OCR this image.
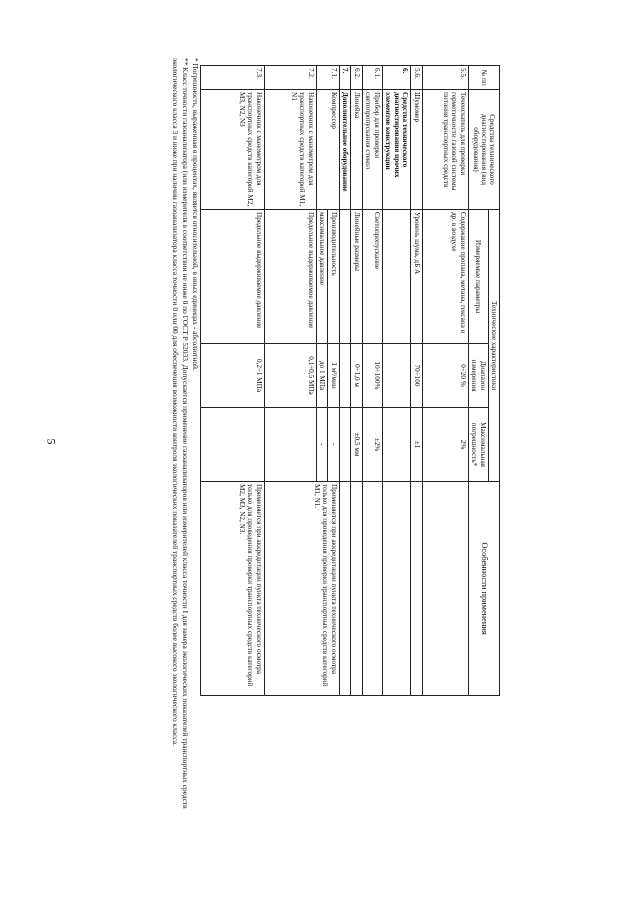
5
№ пп	Средства технического диагностирования (вид оборудования)	Технические характеристики			Особенности применения
		Измеряемые параметры	Диапазон измерения	Максимальная погрешность*	
5.5.	Течеискатель для проверки герметичности газовой системы питания транспортных средств	Содержание пропана, метана, гексана и др. в воздухе	0÷20 %	2%	
5.6.	Шумомер	Уровень шума, дБ А	70÷100	±1	
6.	Средства технического диагностирования прочих элементов конструкции				
6.1.	Прибор для проверки светопропускания стекол	Светопропускание	10÷100%	±2%	
6.2.	Линейка	Линейные размеры	0÷1,0 м	±0,5 мм	
7.	Дополнительное оборудование				
7.1.	Компрессор	Производительность	1 м³/мин	-	Применяется при аккредитации пункта технического осмотра только для проведения проверки транспортных средств категорий М1, N1.
		максимальное давление	до 1 МПа	-	
7.2.	Наконечник с манометром для транспортных средств категорий М1, N1	Предельное выдерживаемое давление	0,1÷0,5 МПа		
7.3.	Наконечник с манометром для транспортных средств категорий М2, М3, N2, N3	Предельное выдерживаемое давление	0,2÷1 МПа		Применяется при аккредитации пункта технического осмотра только для проведения проверки транспортных средств категорий М2, М3, N2, N3.
* Погрешность, выраженная в процентах, является относительной, в иных единицах - абсолютной.
** Класс точности газоанализатора (или измерителя в соответствии не ниже 0 по ГОСТ Р 52033. Допускается применение газоанализаторов или измерителей класса точности I для замера экологических показателей транспортных средств экологического класса 3 и ниже при наличии газоанализатора класса точности 0 или 00 для обеспечения возможности контроля экологических показателей транспортных средств более высокого экологического класса.
